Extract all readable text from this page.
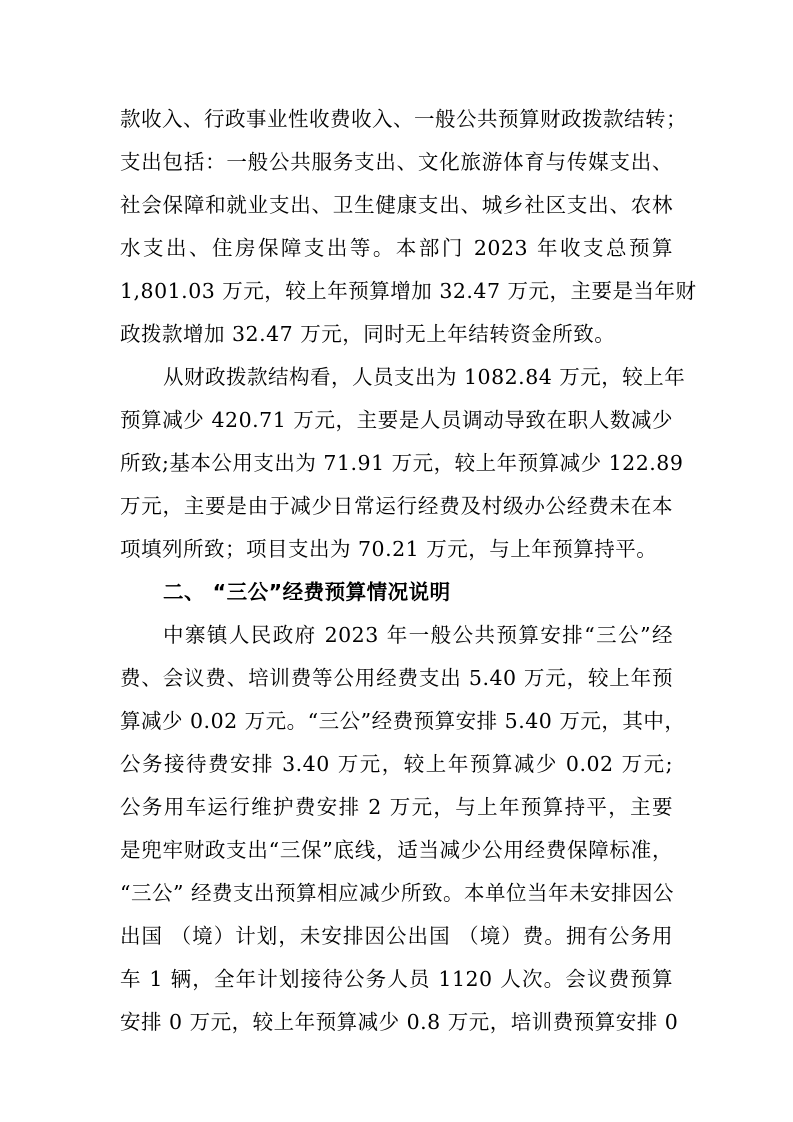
款收入、行政事业性收费收入、一般公共预算财政拨款结转；
支出包括：一般公共服务支出、文化旅游体育与传媒支出、
社会保障和就业支出、卫生健康支出、城乡社区支出、农林
水支出、住房保障支出等。本部门 2023 年收支总预算
1,801.03 万元，较上年预算增加 32.47 万元，主要是当年财
政拨款增加 32.47 万元，同时无上年结转资金所致。
从财政拨款结构看，人员支出为 1082.84 万元，较上年
预算减少 420.71 万元，主要是人员调动导致在职人数减少
所致;基本公用支出为 71.91 万元，较上年预算减少 122.89
万元，主要是由于减少日常运行经费及村级办公经费未在本
项填列所致；项目支出为 70.21 万元，与上年预算持平。
二、 “三公”经费预算情况说明
中寨镇人民政府 2023 年一般公共预算安排“三公”经
费、会议费、培训费等公用经费支出 5.40 万元，较上年预
算减少 0.02 万元。“三公”经费预算安排 5.40 万元，其中，
公务接待费安排 3.40 万元，较上年预算减少 0.02 万元;
公务用车运行维护费安排 2 万元，与上年预算持平，主要
是兜牢财政支出“三保”底线，适当减少公用经费保障标准，
“三公” 经费支出预算相应减少所致。本单位当年未安排因公
出国 （境）计划，未安排因公出国 （境）费。拥有公务用
车 1 辆，全年计划接待公务人员 1120 人次。会议费预算
安排 0 万元，较上年预算减少 0.8 万元，培训费预算安排 0
